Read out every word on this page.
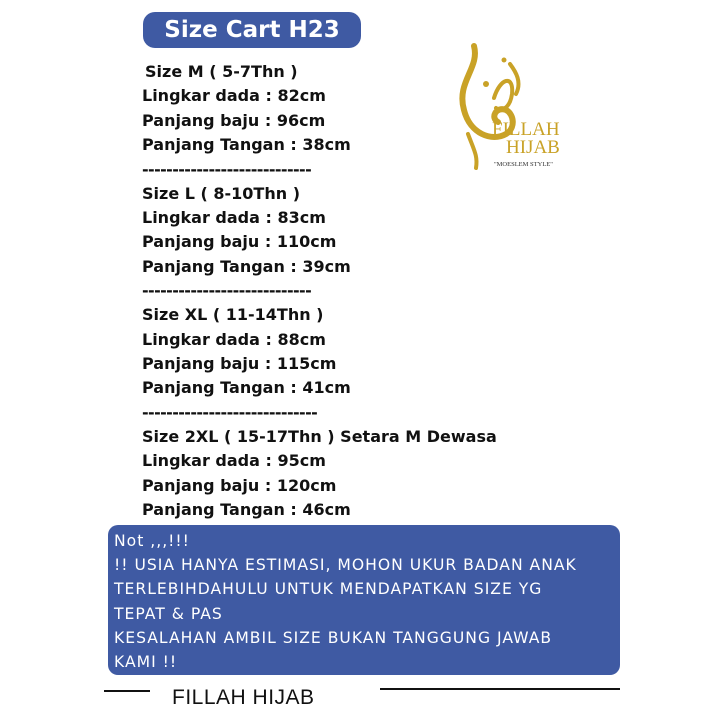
Size Cart H23
Size M ( 5-7Thn )
Lingkar dada : 82cm
Panjang baju : 96cm
Panjang Tangan : 38cm
----------------------------
Size L ( 8-10Thn )
Lingkar dada : 83cm
Panjang baju : 110cm
Panjang Tangan : 39cm
----------------------------
Size XL ( 11-14Thn )
Lingkar dada : 88cm
Panjang baju : 115cm
Panjang Tangan : 41cm
-----------------------------
Size 2XL ( 15-17Thn ) Setara M Dewasa
Lingkar dada : 95cm
Panjang baju : 120cm
Panjang Tangan : 46cm
FILLAH
HIJAB
"MOESLEM STYLE"
Not ,,,!!!
!! USIA HANYA ESTIMASI, MOHON UKUR BADAN ANAK
TERLEBIHDAHULU UNTUK MENDAPATKAN SIZE YG
TEPAT & PAS
KESALAHAN AMBIL SIZE BUKAN TANGGUNG JAWAB
KAMI !!
FILLAH HIJAB
